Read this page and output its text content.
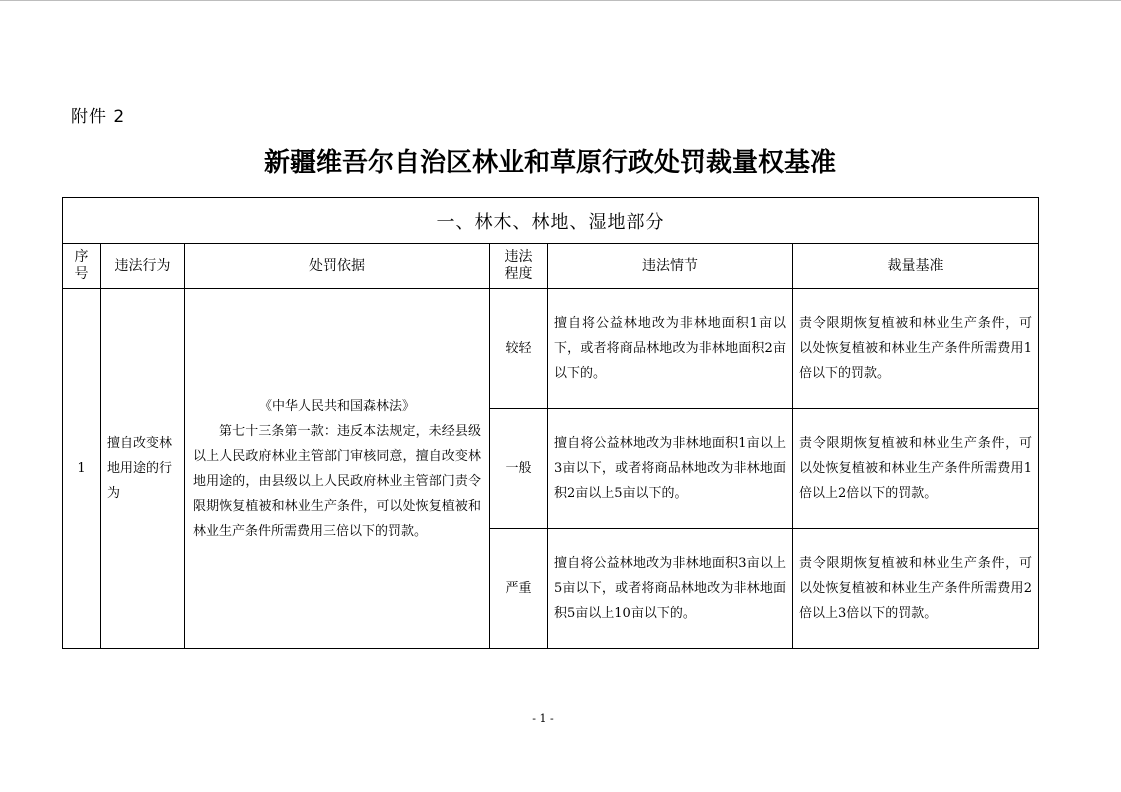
附件 2
新疆维吾尔自治区林业和草原行政处罚裁量权基准
一、林木、林地、湿地部分					
序号	违法行为	处罚依据	违法程度	违法情节	裁量基准
1	擅自改变林地用途的行为	《中华人民共和国森林法》
第七十三条第一款：违反本法规定，未经县级以上人民政府林业主管部门审核同意，擅自改变林地用途的，由县级以上人民政府林业主管部门责令限期恢复植被和林业生产条件，可以处恢复植被和林业生产条件所需费用三倍以下的罚款。	较轻	擅自将公益林地改为非林地面积1亩以下，或者将商品林地改为非林地面积2亩以下的。	责令限期恢复植被和林业生产条件，可以处恢复植被和林业生产条件所需费用1倍以下的罚款。
			一般	擅自将公益林地改为非林地面积1亩以上3亩以下，或者将商品林地改为非林地面积2亩以上5亩以下的。	责令限期恢复植被和林业生产条件，可以处恢复植被和林业生产条件所需费用1倍以上2倍以下的罚款。
			严重	擅自将公益林地改为非林地面积3亩以上5亩以下，或者将商品林地改为非林地面积5亩以上10亩以下的。	责令限期恢复植被和林业生产条件，可以处恢复植被和林业生产条件所需费用2倍以上3倍以下的罚款。
- 1 -
